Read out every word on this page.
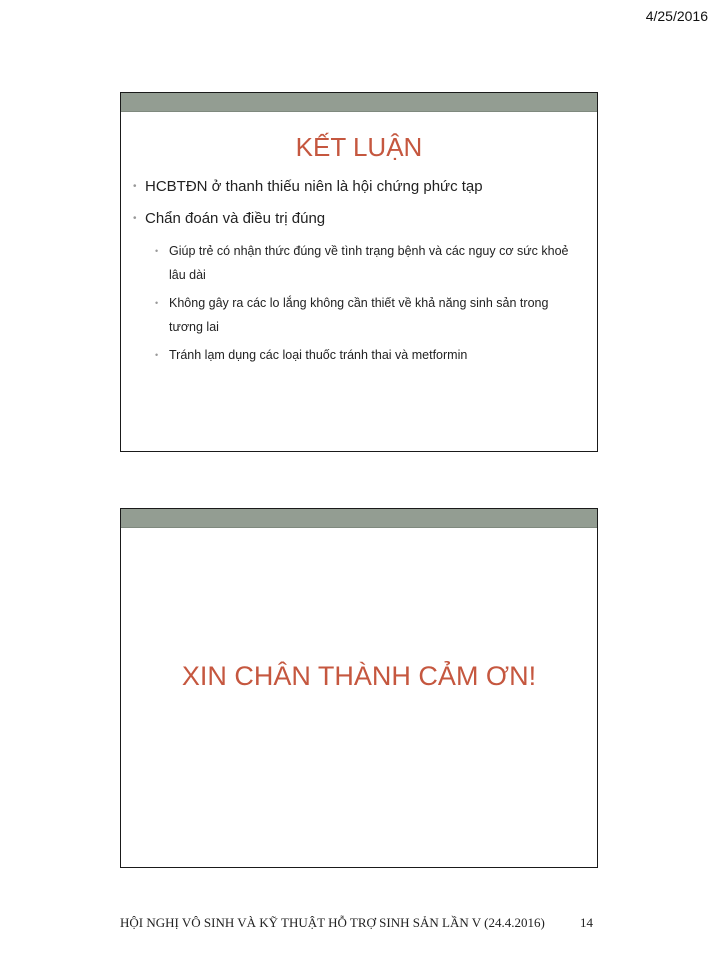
4/25/2016
KẾT LUẬN
• HCBTĐN ở thanh thiếu niên là hội chứng phức tạp
• Chẩn đoán và điều trị đúng
• Giúp trẻ có nhận thức đúng về tình trạng bệnh và các nguy cơ sức khoẻ lâu dài
• Không gây ra các lo lắng không cần thiết về khả năng sinh sản trong tương lai
• Tránh lạm dụng các loại thuốc tránh thai và metformin
XIN CHÂN THÀNH CẢM ƠN!
HỘI NGHỊ VÔ SINH VÀ KỸ THUẬT HỖ TRỢ SINH SẢN LẦN V (24.4.2016)	14
